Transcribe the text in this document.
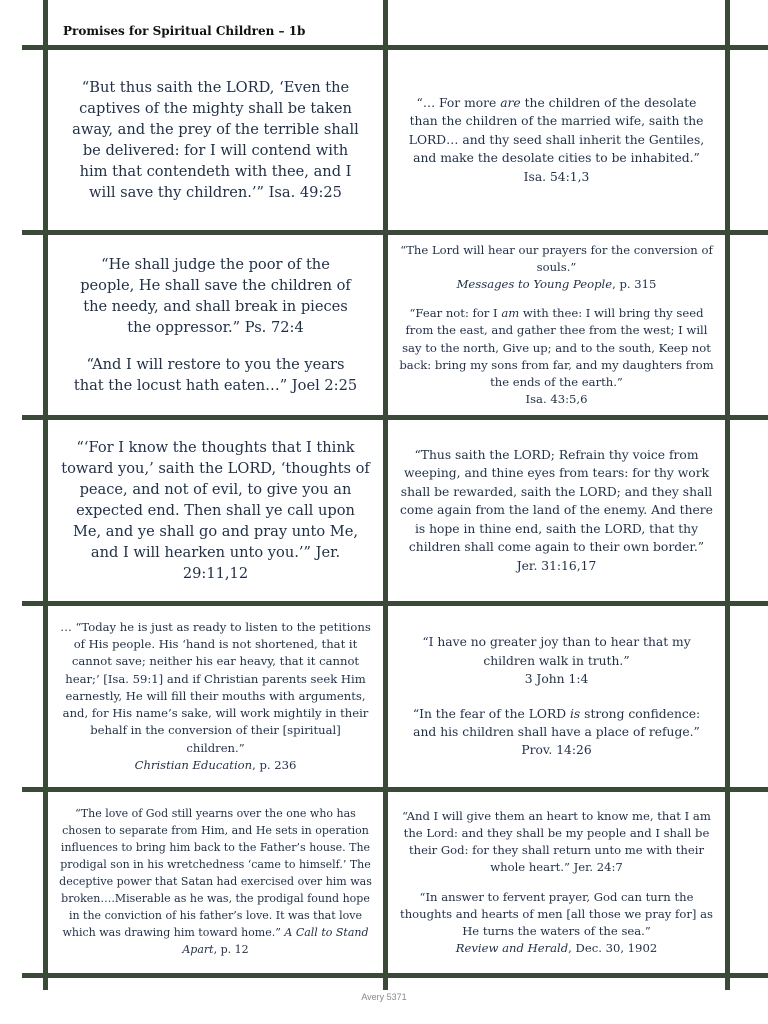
Promises for Spiritual Children – 1b
“But thus saith the LORD, ‘Even the captives of the mighty shall be taken away, and the prey of the terrible shall be delivered: for I will contend with him that contendeth with thee, and I will save thy children.’” Isa. 49:25
“… For more are the children of the desolate than the children of the married wife, saith the LORD… and thy seed shall inherit the Gentiles, and make the desolate cities to be inhabited.” Isa. 54:1,3
“He shall judge the poor of the people, He shall save the children of the needy, and shall break in pieces the oppressor.” Ps. 72:4
“And I will restore to you the years that the locust hath eaten…” Joel 2:25
“The Lord will hear our prayers for the conversion of souls.”
Messages to Young People, p. 315
“Fear not: for I am with thee: I will bring thy seed from the east, and gather thee from the west; I will say to the north, Give up; and to the south, Keep not back: bring my sons from far, and my daughters from the ends of the earth.”
Isa. 43:5,6
“‘For I know the thoughts that I think toward you,’ saith the LORD, ‘thoughts of peace, and not of evil, to give you an expected end. Then shall ye call upon Me, and ye shall go and pray unto Me, and I will hearken unto you.’” Jer. 29:11,12
“Thus saith the LORD; Refrain thy voice from weeping, and thine eyes from tears: for thy work shall be rewarded, saith the LORD; and they shall come again from the land of the enemy. And there is hope in thine end, saith the LORD, that thy children shall come again to their own border.”
Jer. 31:16,17
… “Today he is just as ready to listen to the petitions of His people. His ‘hand is not shortened, that it cannot save; neither his ear heavy, that it cannot hear;’ [Isa. 59:1] and if Christian parents seek Him earnestly, He will fill their mouths with arguments, and, for His name’s sake, will work mightily in their behalf in the conversion of their [spiritual] children.”
Christian Education, p. 236
“I have no greater joy than to hear that my children walk in truth.”
3 John 1:4
“In the fear of the LORD is strong confidence: and his children shall have a place of refuge.”
Prov. 14:26
“The love of God still yearns over the one who has chosen to separate from Him, and He sets in operation influences to bring him back to the Father’s house. The prodigal son in his wretchedness ‘came to himself.’ The deceptive power that Satan had exercised over him was broken….Miserable as he was, the prodigal found hope in the conviction of his father’s love. It was that love which was drawing him toward home.” A Call to Stand Apart, p. 12
“And I will give them an heart to know me, that I am the Lord: and they shall be my people and I shall be their God: for they shall return unto me with their whole heart.” Jer. 24:7
“In answer to fervent prayer, God can turn the thoughts and hearts of men [all those we pray for] as He turns the waters of the sea.”
Review and Herald, Dec. 30, 1902
Avery 5371
